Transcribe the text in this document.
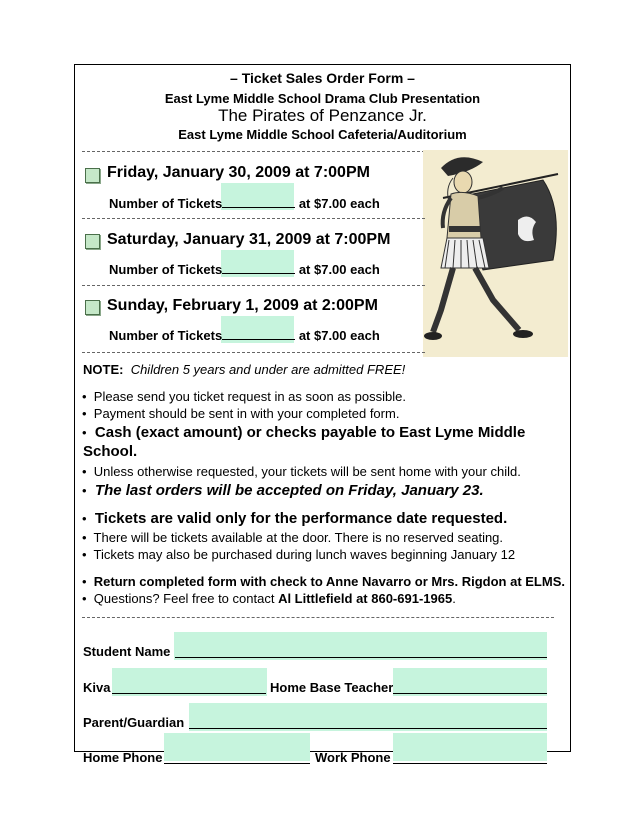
– Ticket Sales Order Form –
East Lyme Middle School Drama Club Presentation
The Pirates of Penzance Jr.
East Lyme Middle School Cafeteria/Auditorium
Friday, January 30, 2009 at 7:00PM
Number of Tickets	at $7.00 each
Saturday, January 31, 2009 at 7:00PM
Number of Tickets	at $7.00 each
Sunday, February 1, 2009 at 2:00PM
Number of Tickets	at $7.00 each
NOTE: Children 5 years and under are admitted FREE!
•  Please send you ticket request in as soon as possible.
•  Payment should be sent in with your completed form.
• Cash (exact amount) or checks payable to East Lyme Middle
School.
•  Unless otherwise requested, your tickets will be sent home with your child.
• The last orders will be accepted on Friday, January 23.
• Tickets are valid only for the performance date requested.
•  There will be tickets available at the door. There is no reserved seating.
•  Tickets may also be purchased during lunch waves beginning January 12
• Return completed form with check to Anne Navarro or Mrs. Rigdon at ELMS.
•  Questions? Feel free to contact Al Littlefield at 860-691-1965.
Student Name
Kiva	Home Base Teacher
Parent/Guardian
Home Phone	Work Phone
